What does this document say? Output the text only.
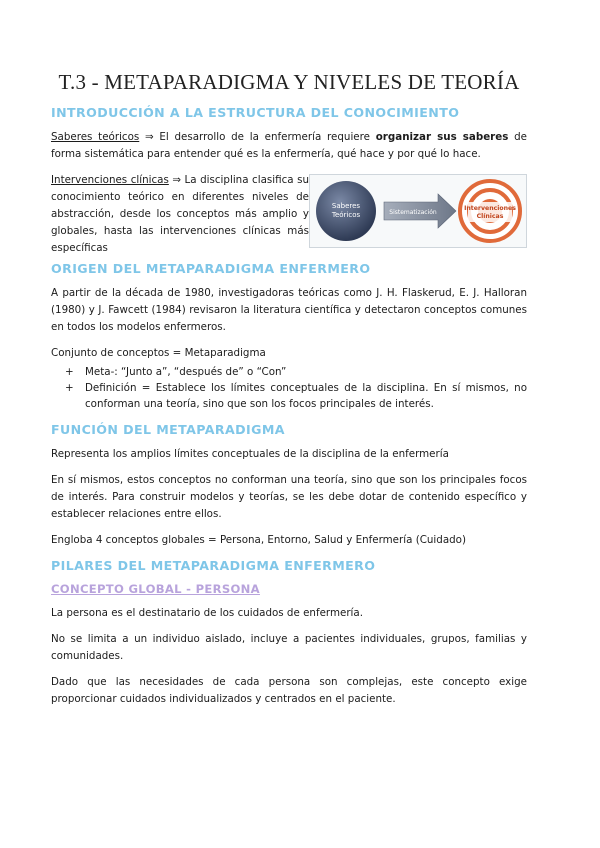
T.3 - METAPARADIGMA Y NIVELES DE TEORÍA
INTRODUCCIÓN A LA ESTRUCTURA DEL CONOCIMIENTO

Saberes teóricos ⇒ El desarrollo de la enfermería requiere organizar sus saberes de forma sistemática para entender qué es la enfermería, qué hace y por qué lo hace.

Intervenciones clínicas ⇒ La disciplina clasifica su conocimiento teórico en diferentes niveles de abstracción, desde los conceptos más amplio y globales, hasta las intervenciones clínicas más específicas

Saberes
Teóricos	Sistematización
Intervenciones
Clínicas
ORIGEN DEL METAPARADIGMA ENFERMERO

A partir de la década de 1980, investigadoras teóricas como J. H. Flaskerud, E. J. Halloran (1980) y J. Fawcett (1984) revisaron la literatura científica y detectaron conceptos comunes en todos los modelos enfermeros.

Conjunto de conceptos = Metaparadigma

+ Meta-: “Junto a”, “después de” o “Con”
+ Definición = Establece los límites conceptuales de la disciplina. En sí mismos, no conforman una teoría, sino que son los focos principales de interés.
FUNCIÓN DEL METAPARADIGMA

Representa los amplios límites conceptuales de la disciplina de la enfermería

En sí mismos, estos conceptos no conforman una teoría, sino que son los principales focos de interés. Para construir modelos y teorías, se les debe dotar de contenido específico y establecer relaciones entre ellos.

Engloba 4 conceptos globales = Persona, Entorno, Salud y Enfermería (Cuidado)

PILARES DEL METAPARADIGMA ENFERMERO
CONCEPTO GLOBAL - PERSONA

La persona es el destinatario de los cuidados de enfermería.

No se limita a un individuo aislado, incluye a pacientes individuales, grupos, familias y comunidades.

Dado que las necesidades de cada persona son complejas, este concepto exige proporcionar cuidados individualizados y centrados en el paciente.
